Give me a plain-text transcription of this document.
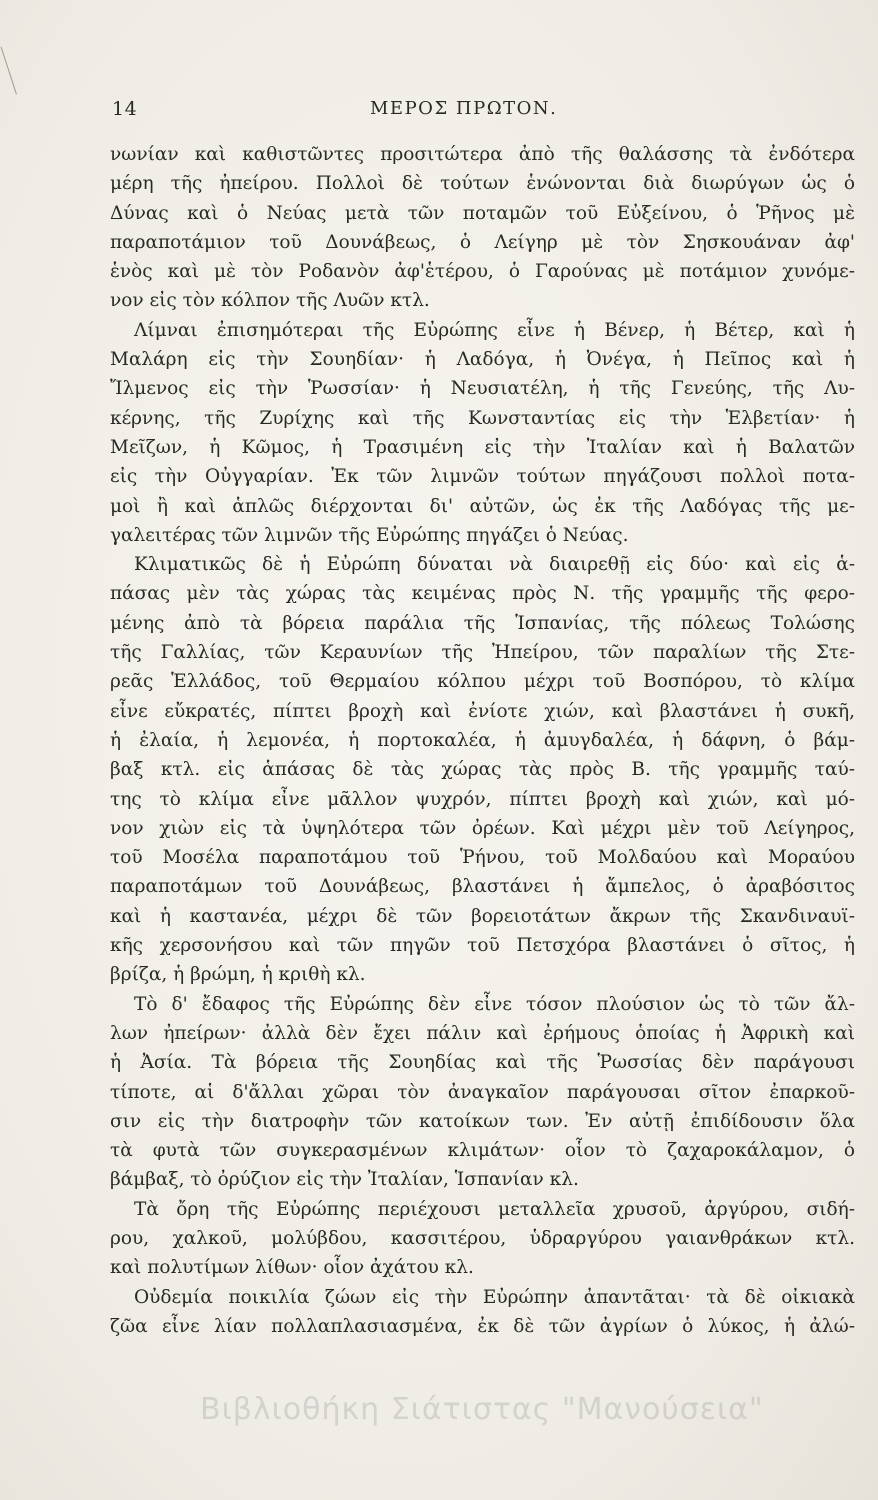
14	ΜΕΡΟΣ ΠΡΩΤΟΝ.
νωνίαν καὶ καθιστῶντες προσιτώτερα ἀπὸ τῆς θαλάσσης τὰ ἐνδότερα
μέρη τῆς ἠπείρου. Πολλοὶ δὲ τούτων ἑνώνονται διὰ διωρύγων ὡς ὁ
Δύνας καὶ ὁ Νεύας μετὰ τῶν ποταμῶν τοῦ Εὐξείνου, ὁ Ῥῆνος μὲ
παραπoτάμιον τοῦ Δουνάβεως, ὁ Λείγηρ μὲ τὸν Σησκουάναν ἀφ'
ἑνὸς καὶ μὲ τὸν Ροδανὸν ἀφ'ἑτέρου, ὁ Γαρούνας μὲ ποτάμιον χυνόμε-
νον εἰς τὸν κόλπον τῆς Λυῶν κτλ.
Λίμναι ἐπισημότεραι τῆς Εὐρώπης εἶνε ἡ Βένερ, ἡ Βέτερ, καὶ ἡ
Μαλάρη εἰς τὴν Σουηδίαν· ἡ Λαδόγα, ἡ Ὀνέγα, ἡ Πεῖπος καὶ ἡ
Ἴλμενος εἰς τὴν Ῥωσσίαν· ἡ Νευσιατέλη, ἡ τῆς Γενεύης, τῆς Λυ-
κέρνης, τῆς Ζυρίχης καὶ τῆς Κωνσταντίας εἰς τὴν Ἑλβετίαν· ἡ
Μεῖζων, ἡ Κῶμος, ἡ Τρασιμένη εἰς τὴν Ἰταλίαν καὶ ἡ Βαλατῶν
εἰς τὴν Οὐγγαρίαν. Ἐκ τῶν λιμνῶν τούτων πηγάζουσι πολλοὶ ποτα-
μοὶ ἢ καὶ ἁπλῶς διέρχονται δι' αὐτῶν, ὡς ἐκ τῆς Λαδόγας τῆς με-
γαλειτέρας τῶν λιμνῶν τῆς Εὐρώπης πηγάζει ὁ Νεύας.
Κλιματικῶς δὲ ἡ Εὐρώπη δύναται νὰ διαιρεθῇ εἰς δύο· καὶ εἰς ἁ-
πάσας μὲν τὰς χώρας τὰς κειμένας πρὸς Ν. τῆς γραμμῆς τῆς φερο-
μένης ἀπὸ τὰ βόρεια παράλια τῆς Ἱσπανίας, τῆς πόλεως Τολώσης
τῆς Γαλλίας, τῶν Κεραυνίων τῆς Ἠπείρου, τῶν παραλίων τῆς Στε-
ρεᾶς Ἑλλάδος, τοῦ Θερμαίου κόλπου μέχρι τοῦ Βοσπόρου, τὸ κλίμα
εἶνε εὔκρατές, πίπτει βροχὴ καὶ ἐνίοτε χιών, καὶ βλαστάνει ἡ συκῆ,
ἡ ἐλαία, ἡ λεμονέα, ἡ πορτοκαλέα, ἡ ἀμυγδαλέα, ἡ δάφνη, ὁ βάμ-
βαξ κτλ. εἰς ἁπάσας δὲ τὰς χώρας τὰς πρὸς Β. τῆς γραμμῆς ταύ-
της τὸ κλίμα εἶνε μᾶλλον ψυχρόν, πίπτει βροχὴ καὶ χιών, καὶ μό-
νον χιὼν εἰς τὰ ὑψηλότερα τῶν ὀρέων. Καὶ μέχρι μὲν τοῦ Λείγηρος,
τοῦ Μοσέλα παραποτάμου τοῦ Ῥήνου, τοῦ Μολδαύου καὶ Μοραύου
παραποτάμων τοῦ Δουνάβεως, βλαστάνει ἡ ἄμπελος, ὁ ἀραβόσιτος
καὶ ἡ καστανέα, μέχρι δὲ τῶν βορειοτάτων ἄκρων τῆς Σκανδιναυϊ-
κῆς χερσονήσου καὶ τῶν πηγῶν τοῦ Πετσχόρα βλαστάνει ὁ σῖτος, ἡ
βρίζα, ἡ βρώμη, ἡ κριθὴ κλ.
Τὸ δ' ἔδαφος τῆς Εὐρώπης δὲν εἶνε τόσον πλούσιον ὡς τὸ τῶν ἄλ-
λων ἠπείρων· ἀλλὰ δὲν ἔχει πάλιν καὶ ἐρήμους ὁποίας ἡ Ἀφρικὴ καὶ
ἡ Ἀσία. Τὰ βόρεια τῆς Σουηδίας καὶ τῆς Ῥωσσίας δὲν παράγουσι
τίποτε, αἱ δ'ἄλλαι χῶραι τὸν ἀναγκαῖον παράγουσαι σῖτον ἐπαρκοῦ-
σιν εἰς τὴν διατροφὴν τῶν κατοίκων των. Ἐν αὐτῇ ἐπιδίδουσιν ὅλα
τὰ φυτὰ τῶν συγκερασμένων κλιμάτων· οἷον τὸ ζαχαροκάλαμον, ὁ
βάμβαξ, τὸ ὀρύζιον εἰς τὴν Ἰταλίαν, Ἱσπανίαν κλ.
Τὰ ὄρη τῆς Εὐρώπης περιέχουσι μεταλλεῖα χρυσοῦ, ἀργύρου, σιδή-
ρου, χαλκοῦ, μολύβδου, κασσιτέρου, ὑδραργύρου γαιανθράκων κτλ.
καὶ πολυτίμων λίθων· οἷον ἀχάτου κλ.
Οὐδεμία ποικιλία ζώων εἰς τὴν Εὐρώπην ἀπαντᾶται· τὰ δὲ οἰκιακὰ
ζῶα εἶνε λίαν πολλαπλασιασμένα, ἐκ δὲ τῶν ἀγρίων ὁ λύκος, ἡ ἀλώ-
Βιβλιοθήκη Σιάτιστας "Μανούσεια"
